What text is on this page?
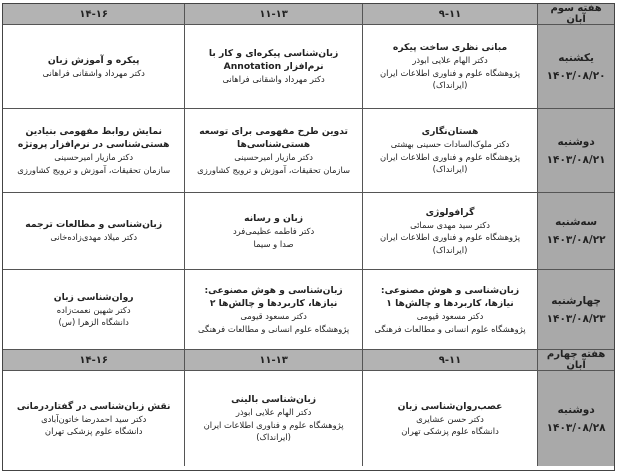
هفته سوم آبان
۹-۱۱
۱۱-۱۳
۱۴-۱۶
یکشنبه
۱۴۰۳/۰۸/۲۰
مبانی نظری ساخت پیکره
دکتر الهام علایی ابوذر
پژوهشگاه علوم و فناوری اطلاعات ایران
(ایرانداک)
زبان‌شناسی پیکره‌ای و کار با نرم‌افزار Annotation
دکتر مهرداد واشقانی فراهانی
پیکره و آموزش زبان
دکتر مهرداد واشقانی فراهانی
دوشنبه
۱۴۰۳/۰۸/۲۱
هستان‌نگاری
دکتر ملوک‌السادات حسینی بهشتی
پژوهشگاه علوم و فناوری اطلاعات ایران
(ایرانداک)
تدوین طرح مفهومی برای توسعه هستی‌شناسی‌ها
دکتر مازیار امیرحسینی
سازمان تحقیقات، آموزش و ترویج کشاورزی
نمایش روابط مفهومی بنیادین هستی‌شناسی در نرم‌افزار پروتژه
دکتر مازیار امیرحسینی
سازمان تحقیقات، آموزش و ترویج کشاورزی
سه‌شنبه
۱۴۰۳/۰۸/۲۲
گرافولوژی
دکتر سید مهدی سمائی
پژوهشگاه علوم و فناوری اطلاعات ایران
(ایرانداک)
زبان و رسانه
دکتر فاطمه عظیمی‌فرد
صدا و سیما
زبان‌شناسی و مطالعات ترجمه
دکتر میلاد مهدی‌زاده‌خانی
چهارشنبه
۱۴۰۳/۰۸/۲۳
زبان‌شناسی و هوش مصنوعی: نیازها، کاربردها و چالش‌ها ۱
دکتر مسعود قیومی
پژوهشگاه علوم انسانی و مطالعات فرهنگی
زبان‌شناسی و هوش مصنوعی: نیازها، کاربردها و چالش‌ها ۲
دکتر مسعود قیومی
پژوهشگاه علوم انسانی و مطالعات فرهنگی
روان‌شناسی زبان
دکتر شهین نعمت‌زاده
دانشگاه الزهرا (س)
هفته چهارم آبان
۹-۱۱
۱۱-۱۳
۱۴-۱۶
دوشنبه
۱۴۰۳/۰۸/۲۸
عصب‌روان‌شناسی زبان
دکتر حسن عشایری
دانشگاه علوم پزشکی تهران
زبان‌شناسی بالینی
دکتر الهام علایی ابوذر
پژوهشگاه علوم و فناوری اطلاعات ایران
(ایرانداک)
نقش زبان‌شناسی در گفتاردرمانی
دکتر سید احمدرضا خاتون‌آبادی
دانشگاه علوم پزشکی تهران
